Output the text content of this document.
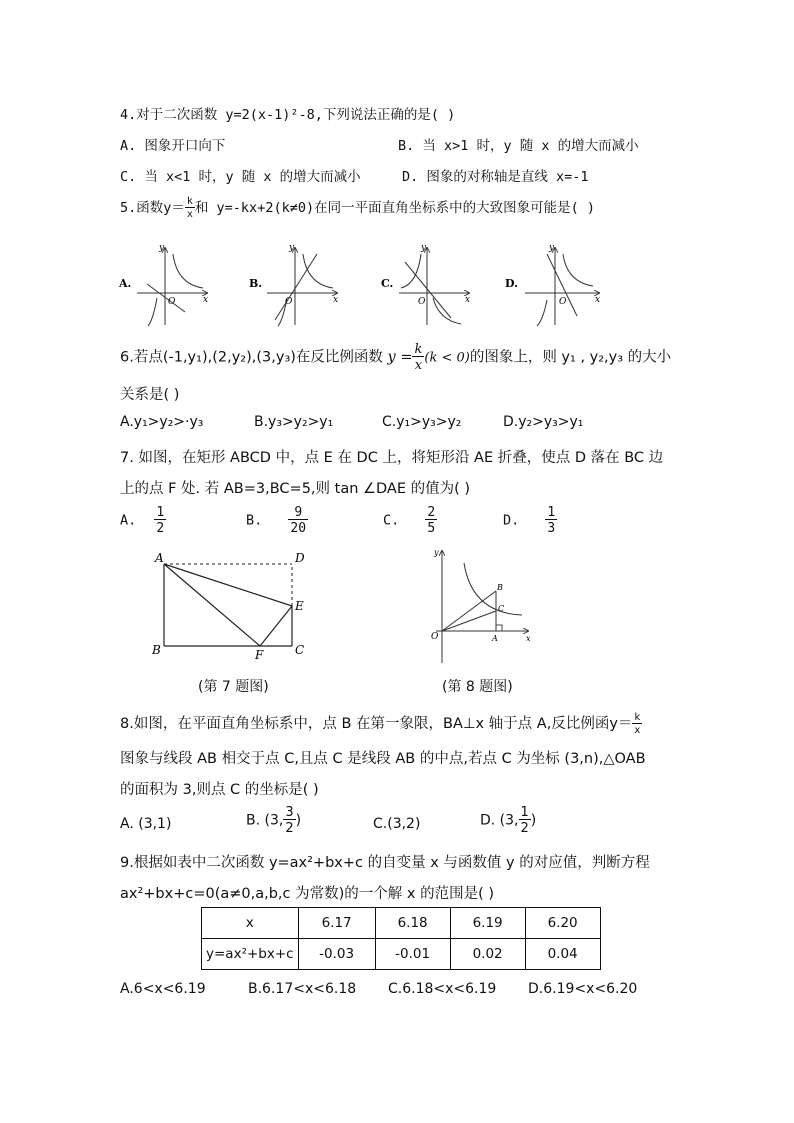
4.对于二次函数 y=2(x-1)²-8,下列说法正确的是( )
A. 图象开口向下	B. 当 x>1 时，y 随 x 的增大而减小
C. 当 x<1 时，y 随 x 的增大而减小	D. 图象的对称轴是直线 x=-1
5.函数$y= \frac{k}{x}$ 和 y=-kx+2(k≠0)在同一平面直角坐标系中的大致图象可能是( )
A.
y
x
O
B.
y
x
O
C.
y
x
O
D.
y
x
O
6.若点(-1,y₁),(2,y₂),(3,y₃)在反比例函数 $y = \frac{k}{x} (k < 0)$的图象上，则 y₁ , y₂,y₃ 的大小
关系是( )
A.y₁>y₂>·y₃	B.y₃>y₂>y₁	C.y₁>y₃>y₂	D.y₂>y₃>y₁
7. 如图，在矩形 ABCD 中，点 E 在 DC 上，将矩形沿 AE 折叠，使点 D 落在 BC 边
上的点 F 处. 若 AB=3,BC=5,则 tan ∠DAE 的值为( )
A. $\frac{1}{2}$	B. $\frac{9}{20}$	C. $\frac{2}{5}$	D. $\frac{1}{3}$
A	D
E
B	C
F
y
x
O	A
B
C
(第 7 题图)	(第 8 题图)
8.如图，在平面直角坐标系中，点 B 在第一象限，BA⊥x 轴于点 A,反比例函$y= \frac{k}{x}$
图象与线段 AB 相交于点 C,且点 C 是线段 AB 的中点,若点 C 为坐标 (3,n),△OAB
的面积为 3,则点 C 的坐标是( )
A. (3,1)	B. (3, $\frac{3}{2}$ )	C.(3,2)	D. (3, $\frac{1}{2}$ )
9.根据如表中二次函数 y=ax²+bx+c 的自变量 x 与函数值 y 的对应值，判断方程
ax²+bx+c=0(a≠0,a,b,c 为常数)的一个解 x 的范围是( )
x	6.17	6.18	6.19	6.20
y=ax²+bx+c	-0.03	-0.01	0.02	0.04
A.6<x<6.19	B.6.17<x<6.18 C.6.18<x<6.19 D.6.19<x<6.20
